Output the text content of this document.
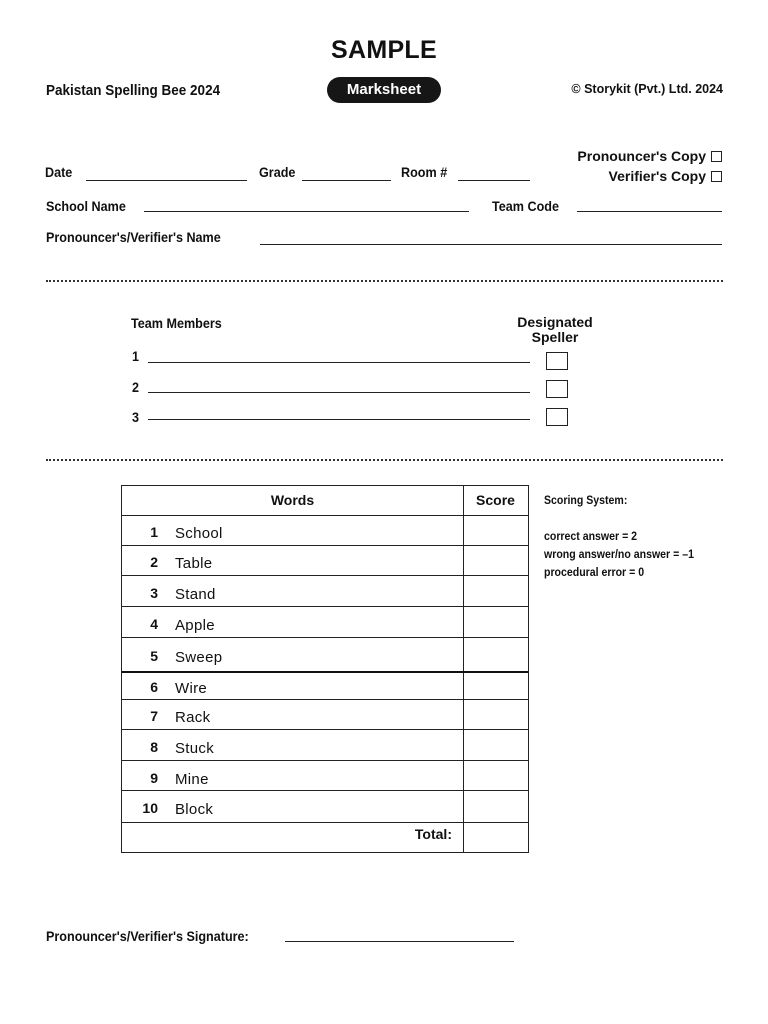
SAMPLE
Pakistan Spelling Bee 2024	Marksheet	© Storykit (Pvt.) Ltd. 2024
Pronouncer's Copy
Verifier's Copy
Date	Grade	Room #
School Name	Team Code
Pronouncer's/Verifier's Name
Team Members	Designated
Speller
1
2
3
Words	Score
1 School
2 Table
3 Stand
4 Apple
5 Sweep
6 Wire
7 Rack
8 Stuck
9 Mine
10 Block
Total:
Scoring System:
correct answer = 2
wrong answer/no answer = –1
procedural error = 0
Pronouncer's/Verifier's Signature:
